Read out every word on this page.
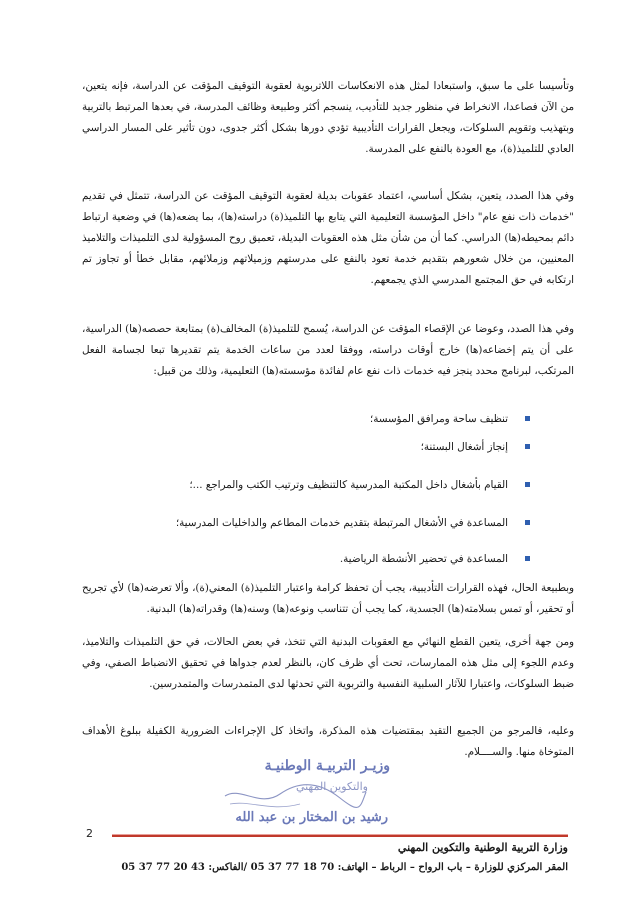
وتأسيسا على ما سبق، واستبعادا لمثل هذه الانعكاسات اللاتربوية لعقوبة التوقيف المؤقت عن الدراسة، فإنه يتعين، من الآن فصاعدا، الانخراط في منظور جديد للتأديب، ينسجم أكثر وطبيعة وظائف المدرسة، في بعدها المرتبط بالتربية وبتهذيب وتقويم السلوكات، ويجعل القرارات التأديبية تؤدي دورها بشكل أكثر جدوى، دون تأثير على المسار الدراسي العادي للتلميذ(ة)، مع العودة بالنفع على المدرسة.

وفي هذا الصدد، يتعين، بشكل أساسي، اعتماد عقوبات بديلة لعقوبة التوقيف المؤقت عن الدراسة، تتمثل في تقديم "خدمات ذات نفع عام" داخل المؤسسة التعليمية التي يتابع بها التلميذ(ة) دراسته(ها)، بما يضعه(ها) في وضعية ارتباط دائم بمحيطه(ها) الدراسي. كما أن من شأن مثل هذه العقوبات البديلة، تعميق روح المسؤولية لدى التلميذات والتلاميذ المعنيين، من خلال شعورهم بتقديم خدمة تعود بالنفع على مدرستهم وزميلاتهم وزملائهم، مقابل خطأ أو تجاوز تم ارتكابه في حق المجتمع المدرسي الذي يجمعهم.

وفي هذا الصدد، وعوضا عن الإقصاء المؤقت عن الدراسة، يُسمح للتلميذ(ة) المخالف(ة) بمتابعة حصصه(ها) الدراسية، على أن يتم إخضاعه(ها) خارج أوقات دراسته، ووفقا لعدد من ساعات الخدمة يتم تقديرها تبعا لجسامة الفعل المرتكب، لبرنامج محدد ينجز فيه خدمات ذات نفع عام لفائدة مؤسسته(ها) التعليمية، وذلك من قبيل:

تنظيف ساحة ومرافق المؤسسة؛
إنجاز أشغال البستنة؛
القيام بأشغال داخل المكتبة المدرسية كالتنظيف وترتيب الكتب والمراجع ...؛
المساعدة في الأشغال المرتبطة بتقديم خدمات المطاعم والداخليات المدرسية؛
المساعدة في تحضير الأنشطة الرياضية.

وبطبيعة الحال، فهذه القرارات التأديبية، يجب أن تحفظ كرامة واعتبار التلميذ(ة) المعني(ة)، وألا تعرضه(ها) لأي تجريح أو تحقير، أو تمس بسلامته(ها) الجسدية، كما يجب أن تتناسب ونوعه(ها) وسنه(ها) وقدراته(ها) البدنية.

ومن جهة أخرى، يتعين القطع النهائي مع العقوبات البدنية التي تتخذ، في بعض الحالات، في حق التلميذات والتلاميذ، وعدم اللجوء إلى مثل هذه الممارسات، تحت أي ظرف كان، بالنظر لعدم جدواها في تحقيق الانضباط الصفي، وفي ضبط السلوكات، واعتبارا للآثار السلبية النفسية والتربوية التي تحدثها لدى المتمدرسات والمتمدرسين.

وعليه، فالمرجو من الجميع التقيد بمقتضيات هذه المذكرة، واتخاذ كل الإجراءات الضرورية الكفيلة ببلوغ الأهداف المتوخاة منها. والســــلام.

وزيـر التربيـة الوطنيـة
والتكوين المهني
رشيد بن المختار بن عبد الله
2
وزارة التربية الوطنية والتكوين المهني
المقر المركزي للوزارة – باب الرواح – الرباط – الهاتف: 70 18 77 37 05 /الفاكس: 43 20 77 37 05
